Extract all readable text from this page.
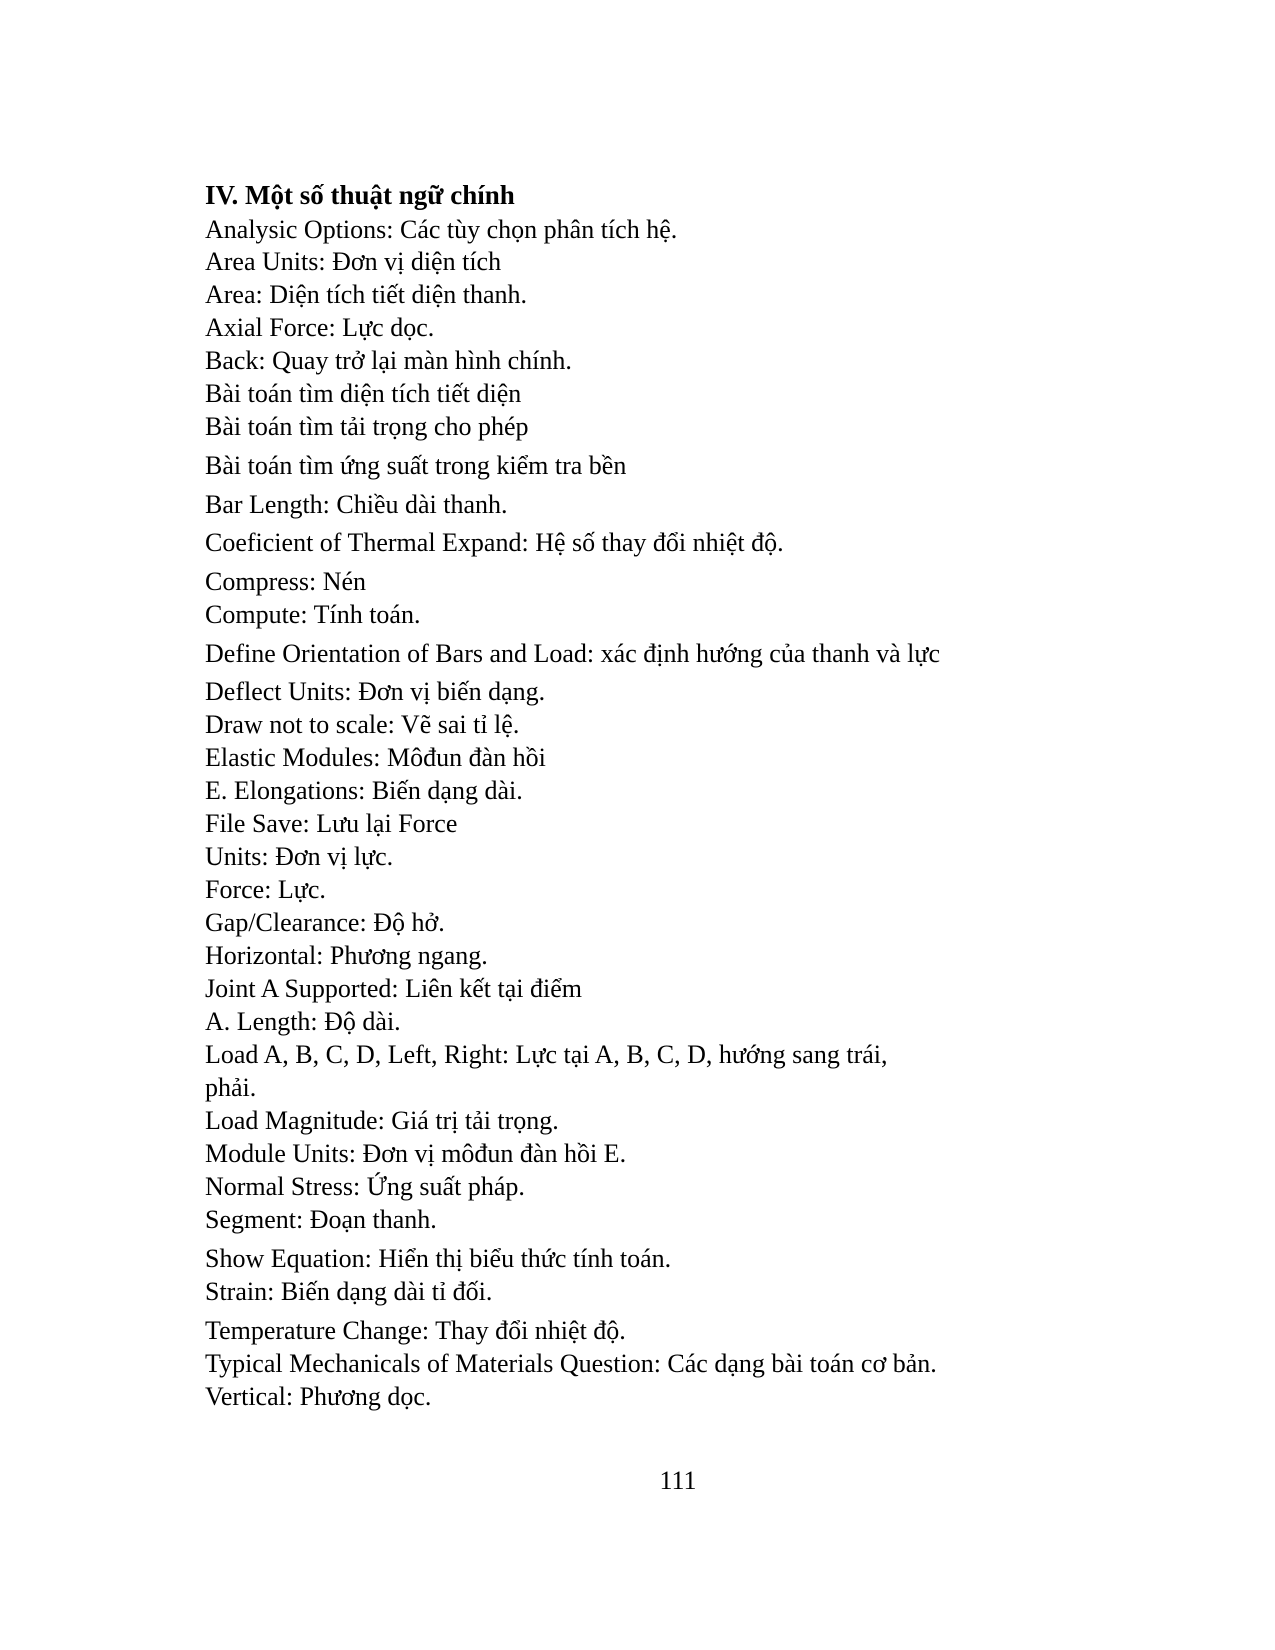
IV. Một số thuật ngữ chính
Analysic Options: Các tùy chọn phân tích hệ.
Area Units: Đơn vị diện tích
Area: Diện tích tiết diện thanh.
Axial Force: Lực dọc.
Back: Quay trở lại màn hình chính.
Bài toán tìm diện tích tiết diện
Bài toán tìm tải trọng cho phép
Bài toán tìm ứng suất trong kiểm tra bền
Bar Length: Chiều dài thanh.
Coeficient of Thermal Expand: Hệ số thay đổi nhiệt độ.
Compress: Nén
Compute: Tính toán.
Define Orientation of Bars and Load: xác định hướng của thanh và lực
Deflect Units: Đơn vị biến dạng.
Draw not to scale: Vẽ sai tỉ lệ.
Elastic Modules: Môđun đàn hồi
E. Elongations: Biến dạng dài.
File Save: Lưu lại Force
Units: Đơn vị lực.
Force: Lực.
Gap/Clearance: Độ hở.
Horizontal: Phương ngang.
Joint A Supported: Liên kết tại điểm
A. Length: Độ dài.
Load A, B, C, D, Left, Right: Lực tại A, B, C, D, hướng sang trái,
phải.
Load Magnitude: Giá trị tải trọng.
Module Units: Đơn vị môđun đàn hồi E.
Normal Stress: Ứng suất pháp.
Segment: Đoạn thanh.
Show Equation: Hiển thị biểu thức tính toán.
Strain: Biến dạng dài tỉ đối.
Temperature Change: Thay đổi nhiệt độ.
Typical Mechanicals of Materials Question: Các dạng bài toán cơ bản.
Vertical: Phương dọc.
111
